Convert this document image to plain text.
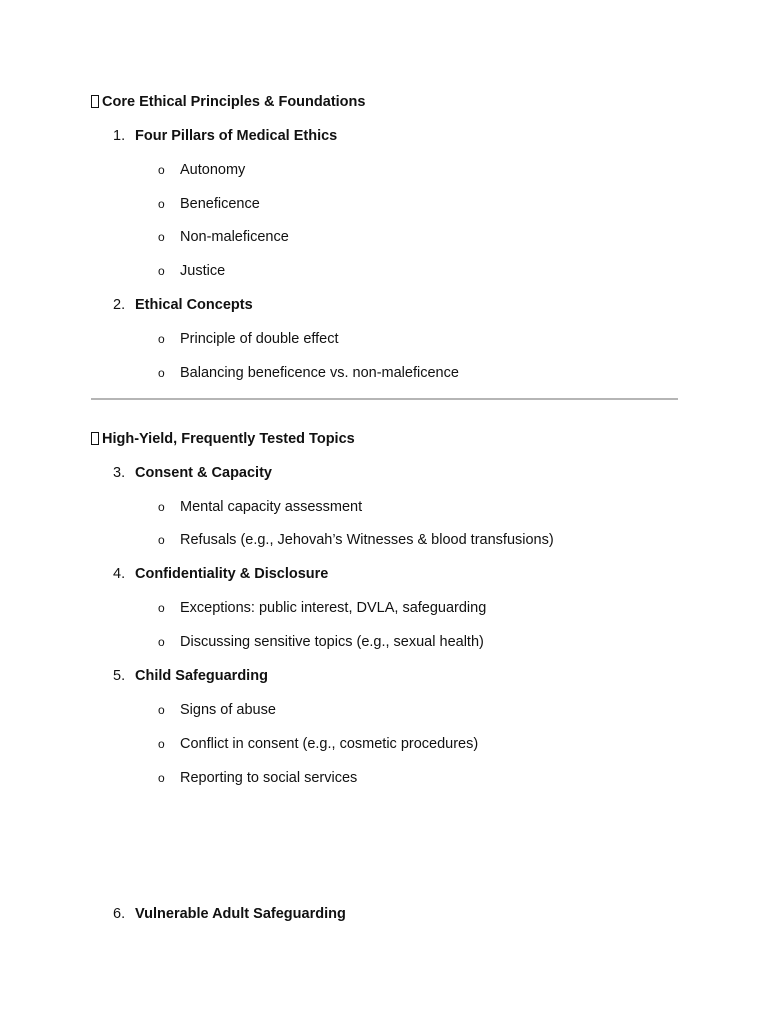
Core Ethical Principles & Foundations
1. Four Pillars of Medical Ethics
o Autonomy
o Beneficence
o Non-maleficence
o Justice
2. Ethical Concepts
o Principle of double effect
o Balancing beneficence vs. non-maleficence
High-Yield, Frequently Tested Topics
3. Consent & Capacity
o Mental capacity assessment
o Refusals (e.g., Jehovah’s Witnesses & blood transfusions)
4. Confidentiality & Disclosure
o Exceptions: public interest, DVLA, safeguarding
o Discussing sensitive topics (e.g., sexual health)
5. Child Safeguarding
o Signs of abuse
o Conflict in consent (e.g., cosmetic procedures)
o Reporting to social services
6. Vulnerable Adult Safeguarding
